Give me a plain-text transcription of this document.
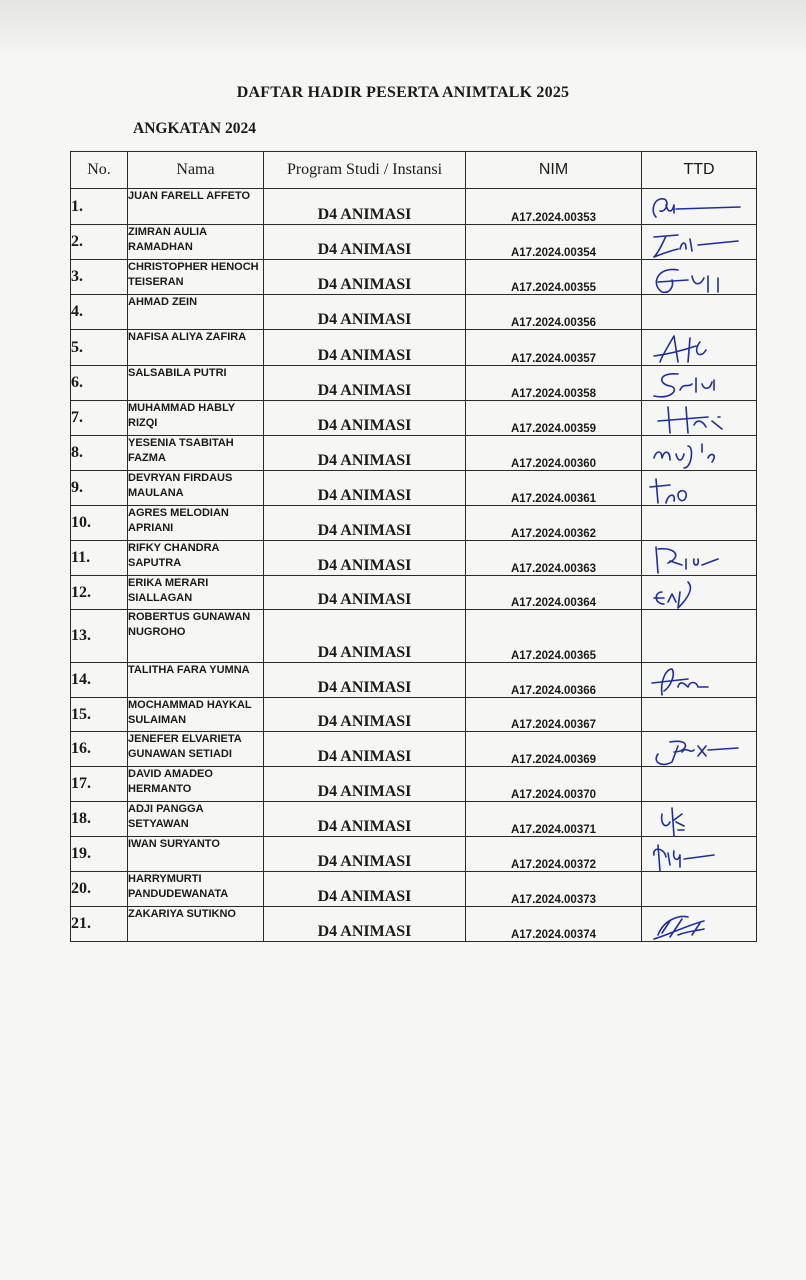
DAFTAR HADIR PESERTA ANIMTALK 2025
ANGKATAN 2024
No.	Nama	Program Studi / Instansi	NIM	TTD
1.	JUAN FARELL AFFETO	D4 ANIMASI	A17.2024.00353	

2.	ZIMRAN AULIA RAMADHAN	D4 ANIMASI	A17.2024.00354	

3.	CHRISTOPHER HENOCH TEISERAN	D4 ANIMASI	A17.2024.00355	

4.	AHMAD ZEIN	D4 ANIMASI	A17.2024.00356	
5.	NAFISA ALIYA ZAFIRA	D4 ANIMASI	A17.2024.00357	

6.	SALSABILA PUTRI	D4 ANIMASI	A17.2024.00358	

7.	MUHAMMAD HABLY RIZQI	D4 ANIMASI	A17.2024.00359	

8.	YESENIA TSABITAH FAZMA	D4 ANIMASI	A17.2024.00360	

9.	DEVRYAN FIRDAUS MAULANA	D4 ANIMASI	A17.2024.00361	

10.	AGRES MELODIAN APRIANI	D4 ANIMASI	A17.2024.00362	
11.	RIFKY CHANDRA SAPUTRA	D4 ANIMASI	A17.2024.00363	

12.	ERIKA MERARI SIALLAGAN	D4 ANIMASI	A17.2024.00364	

13.	ROBERTUS GUNAWAN NUGROHO	D4 ANIMASI	A17.2024.00365	
14.	TALITHA FARA YUMNA	D4 ANIMASI	A17.2024.00366	

15.	MOCHAMMAD HAYKAL SULAIMAN	D4 ANIMASI	A17.2024.00367	
16.	JENEFER ELVARIETA GUNAWAN SETIADI	D4 ANIMASI	A17.2024.00369	

17.	DAVID AMADEO HERMANTO	D4 ANIMASI	A17.2024.00370	
18.	ADJI PANGGA SETYAWAN	D4 ANIMASI	A17.2024.00371	

19.	IWAN SURYANTO	D4 ANIMASI	A17.2024.00372	

20.	HARRYMURTI PANDUDEWANATA	D4 ANIMASI	A17.2024.00373	
21.	ZAKARIYA SUTIKNO	D4 ANIMASI	A17.2024.00374	
